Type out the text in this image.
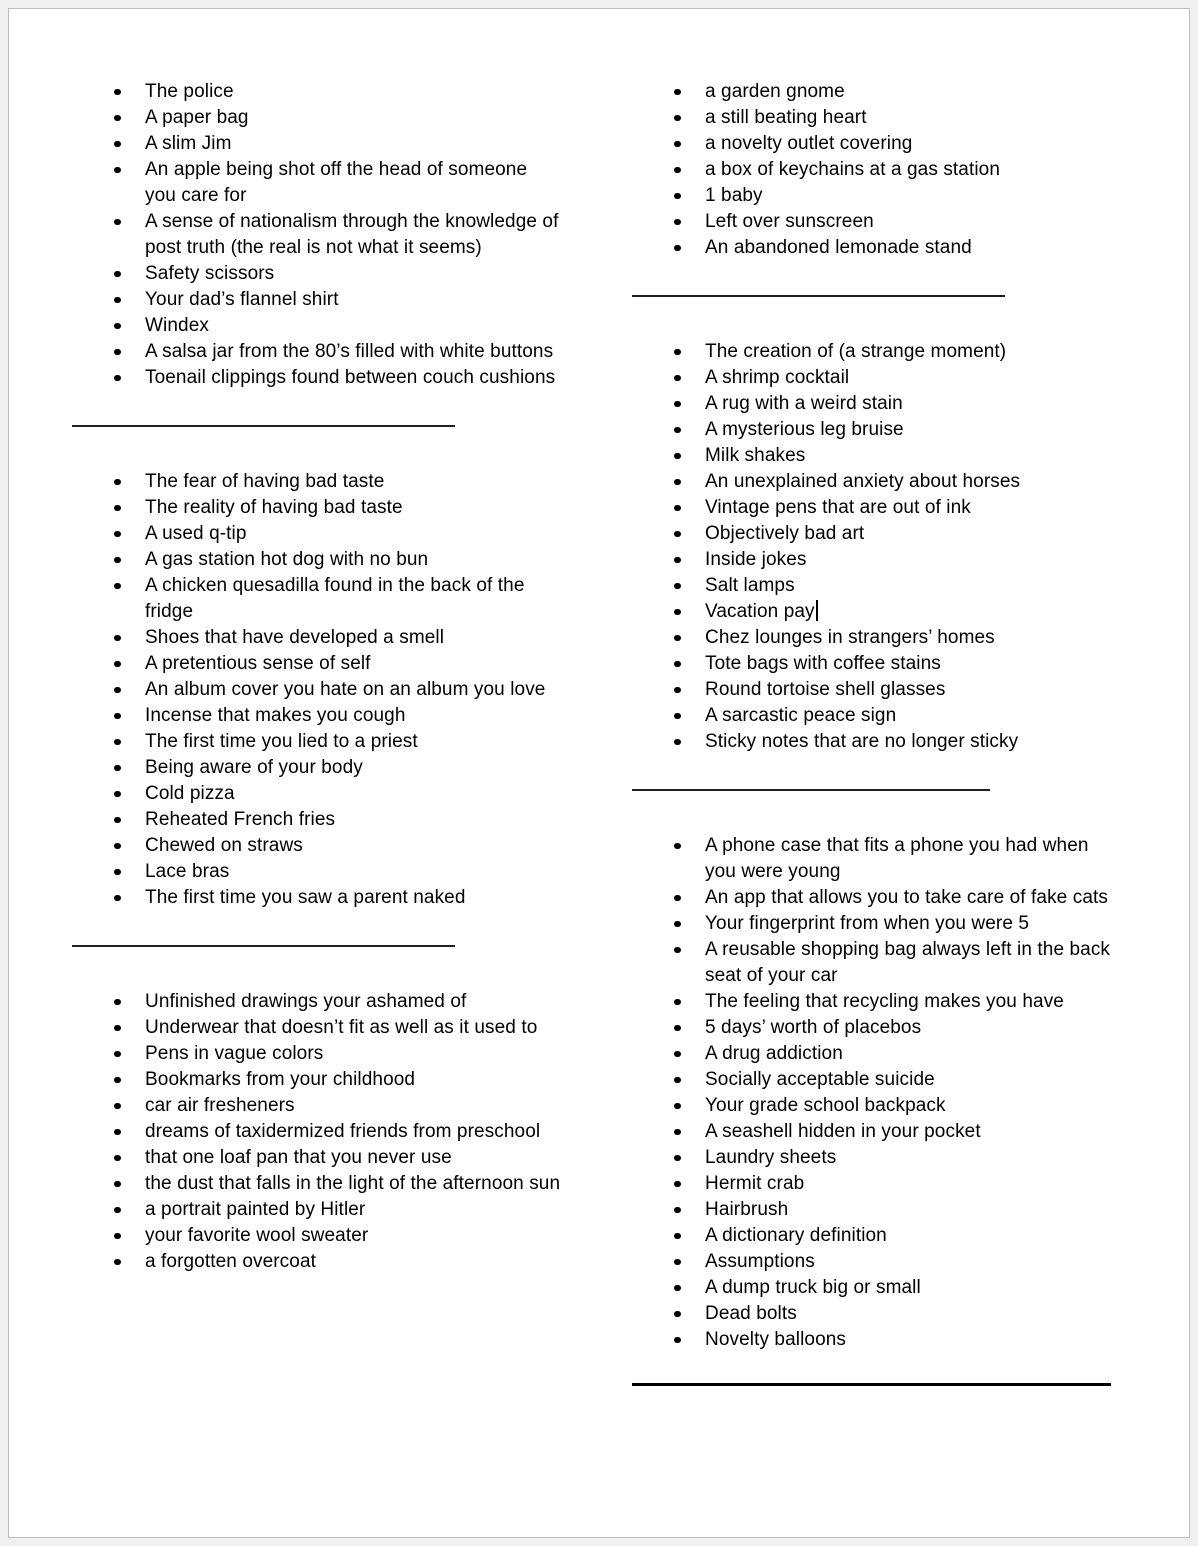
The police
A paper bag
A slim Jim
An apple being shot off the head of someone you care for
A sense of nationalism through the knowledge of post truth (the real is not what it seems)
Safety scissors
Your dad’s flannel shirt
Windex
A salsa jar from the 80’s filled with white buttons
Toenail clippings found between couch cushions
The fear of having bad taste
The reality of having bad taste
A used q-tip
A gas station hot dog with no bun
A chicken quesadilla found in the back of the fridge
Shoes that have developed a smell
A pretentious sense of self
An album cover you hate on an album you love
Incense that makes you cough
The first time you lied to a priest
Being aware of your body
Cold pizza
Reheated French fries
Chewed on straws
Lace bras
The first time you saw a parent naked
Unfinished drawings your ashamed of
Underwear that doesn’t fit as well as it used to
Pens in vague colors
Bookmarks from your childhood
car air fresheners
dreams of taxidermized friends from preschool
that one loaf pan that you never use
the dust that falls in the light of the afternoon sun
a portrait painted by Hitler
your favorite wool sweater
a forgotten overcoat
a garden gnome
a still beating heart
a novelty outlet covering
a box of keychains at a gas station
1 baby
Left over sunscreen
An abandoned lemonade stand
The creation of (a strange moment)
A shrimp cocktail
A rug with a weird stain
A mysterious leg bruise
Milk shakes
An unexplained anxiety about horses
Vintage pens that are out of ink
Objectively bad art
Inside jokes
Salt lamps
Vacation pay
Chez lounges in strangers’ homes
Tote bags with coffee stains
Round tortoise shell glasses
A sarcastic peace sign
Sticky notes that are no longer sticky
A phone case that fits a phone you had when you were young
An app that allows you to take care of fake cats
Your fingerprint from when you were 5
A reusable shopping bag always left in the back seat of your car
The feeling that recycling makes you have
5 days’ worth of placebos
A drug addiction
Socially acceptable suicide
Your grade school backpack
A seashell hidden in your pocket
Laundry sheets
Hermit crab
Hairbrush
A dictionary definition
Assumptions
A dump truck big or small
Dead bolts
Novelty balloons
